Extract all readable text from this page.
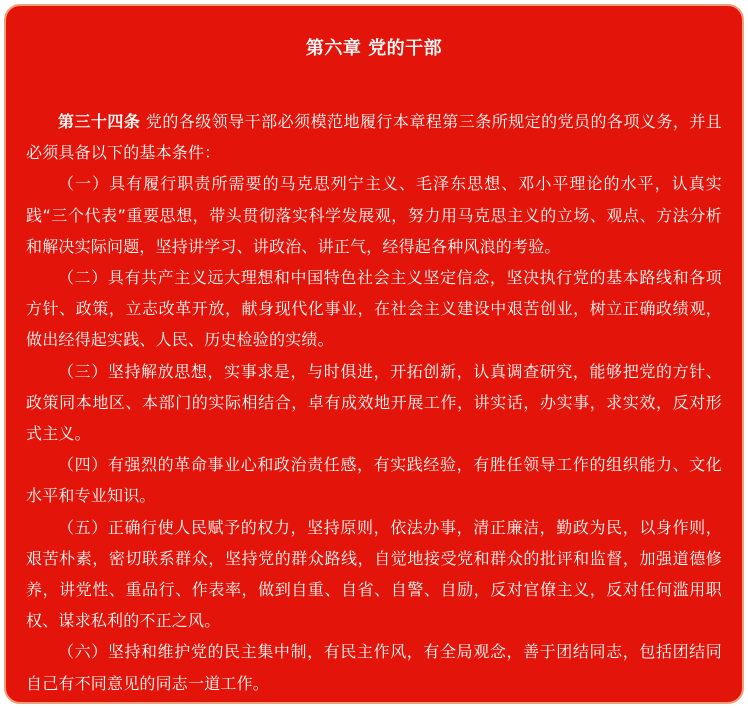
第六章 党的干部

第三十四条 党的各级领导干部必须模范地履行本章程第三条所规定的党员的各项义务，并且必须具备以下的基本条件：

（一）具有履行职责所需要的马克思列宁主义、毛泽东思想、邓小平理论的水平，认真实践“三个代表”重要思想，带头贯彻落实科学发展观，努力用马克思主义的立场、观点、方法分析和解决实际问题，坚持讲学习、讲政治、讲正气，经得起各种风浪的考验。

（二）具有共产主义远大理想和中国特色社会主义坚定信念，坚决执行党的基本路线和各项方针、政策，立志改革开放，献身现代化事业，在社会主义建设中艰苦创业，树立正确政绩观，做出经得起实践、人民、历史检验的实绩。

（三）坚持解放思想，实事求是，与时俱进，开拓创新，认真调查研究，能够把党的方针、政策同本地区、本部门的实际相结合，卓有成效地开展工作，讲实话，办实事，求实效，反对形式主义。

（四）有强烈的革命事业心和政治责任感，有实践经验，有胜任领导工作的组织能力、文化水平和专业知识。

（五）正确行使人民赋予的权力，坚持原则，依法办事，清正廉洁，勤政为民，以身作则，艰苦朴素，密切联系群众，坚持党的群众路线，自觉地接受党和群众的批评和监督，加强道德修养，讲党性、重品行、作表率，做到自重、自省、自警、自励，反对官僚主义，反对任何滥用职权、谋求私利的不正之风。

（六）坚持和维护党的民主集中制，有民主作风，有全局观念，善于团结同志，包括团结同自己有不同意见的同志一道工作。
